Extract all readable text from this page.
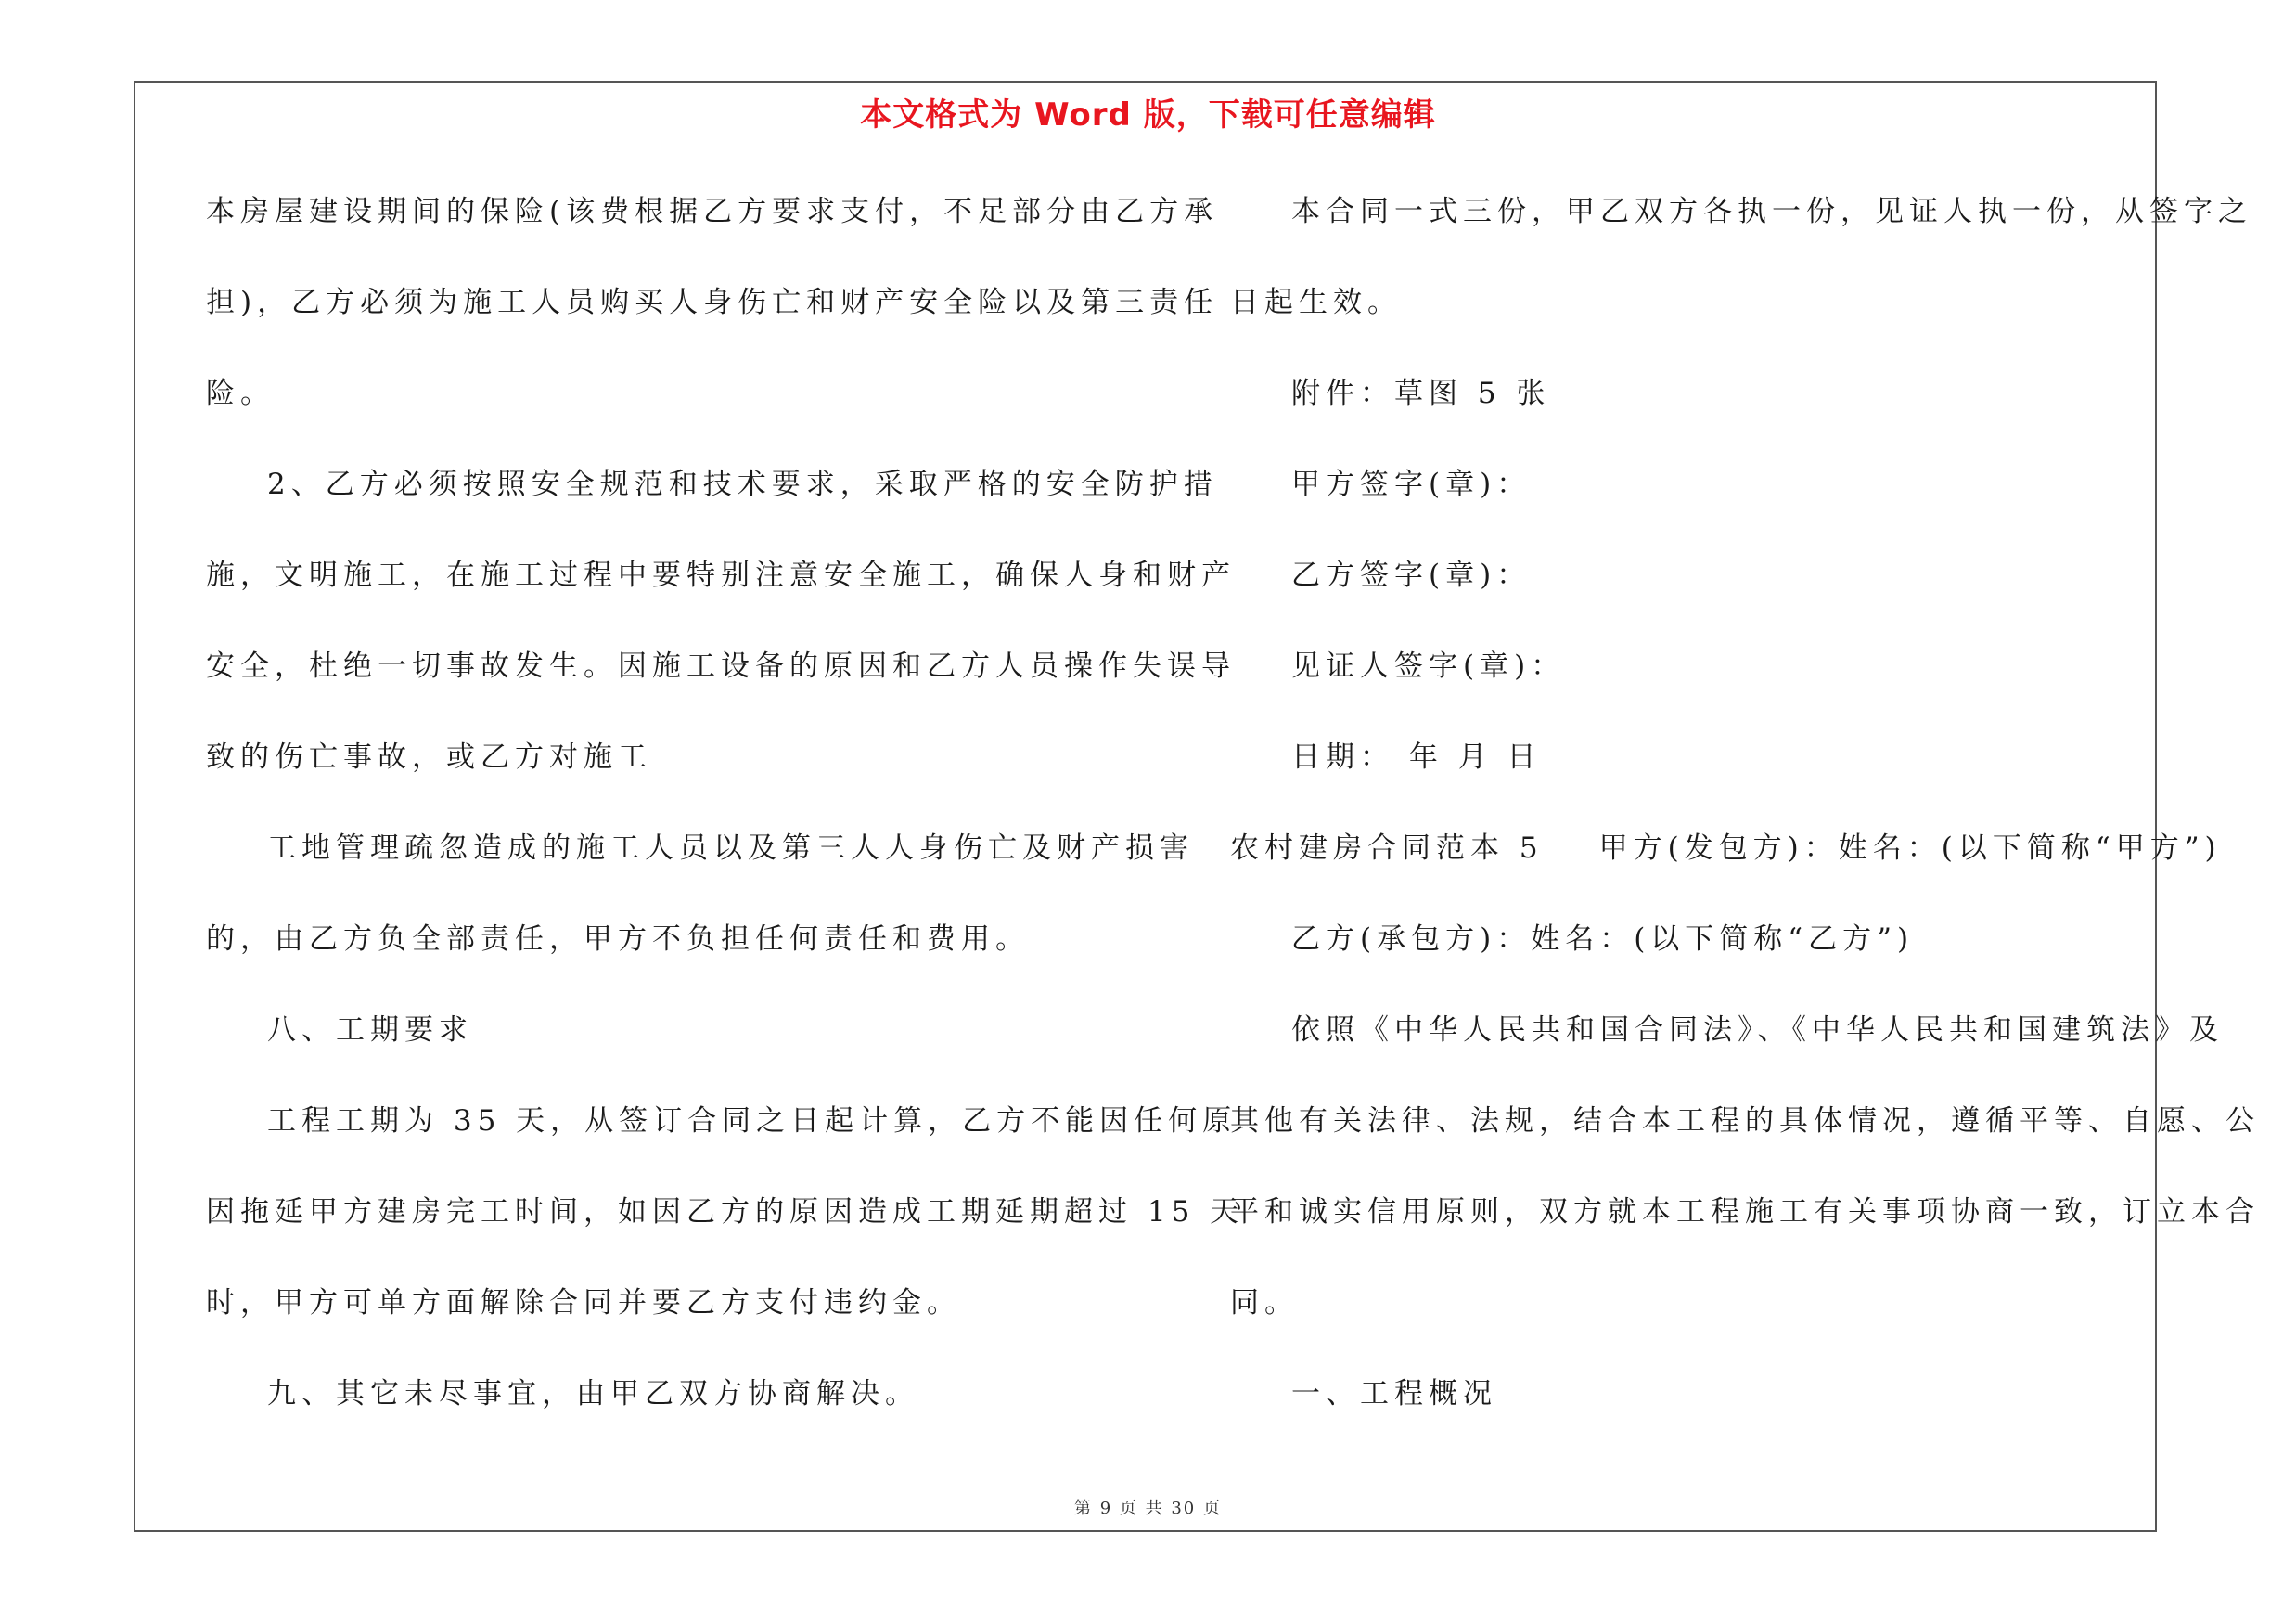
本文格式为 Word 版，下载可任意编辑
本房屋建设期间的保险(该费根据乙方要求支付，不足部分由乙方承
担)，乙方必须为施工人员购买人身伤亡和财产安全险以及第三责任
险。
2、乙方必须按照安全规范和技术要求，采取严格的安全防护措
施，文明施工，在施工过程中要特别注意安全施工，确保人身和财产
安全，杜绝一切事故发生。因施工设备的原因和乙方人员操作失误导
致的伤亡事故，或乙方对施工
工地管理疏忽造成的施工人员以及第三人人身伤亡及财产损害
的，由乙方负全部责任，甲方不负担任何责任和费用。
八、工期要求
工程工期为 35 天，从签订合同之日起计算，乙方不能因任何原
因拖延甲方建房完工时间，如因乙方的原因造成工期延期超过 15 天
时，甲方可单方面解除合同并要乙方支付违约金。
九、其它未尽事宜，由甲乙双方协商解决。
本合同一式三份，甲乙双方各执一份，见证人执一份，从签字之
日起生效。
附件：草图 5 张
甲方签字(章)：
乙方签字(章)：
见证人签字(章)：
日期： 年 月 日
农村建房合同范本 5 甲方(发包方)：姓名：(以下简称“甲方”)
乙方(承包方)：姓名：(以下简称“乙方”)
依照《中华人民共和国合同法》、《中华人民共和国建筑法》及
其他有关法律、法规，结合本工程的具体情况，遵循平等、自愿、公
平和诚实信用原则，双方就本工程施工有关事项协商一致，订立本合
同。
一、工程概况
第 9 页 共 30 页
